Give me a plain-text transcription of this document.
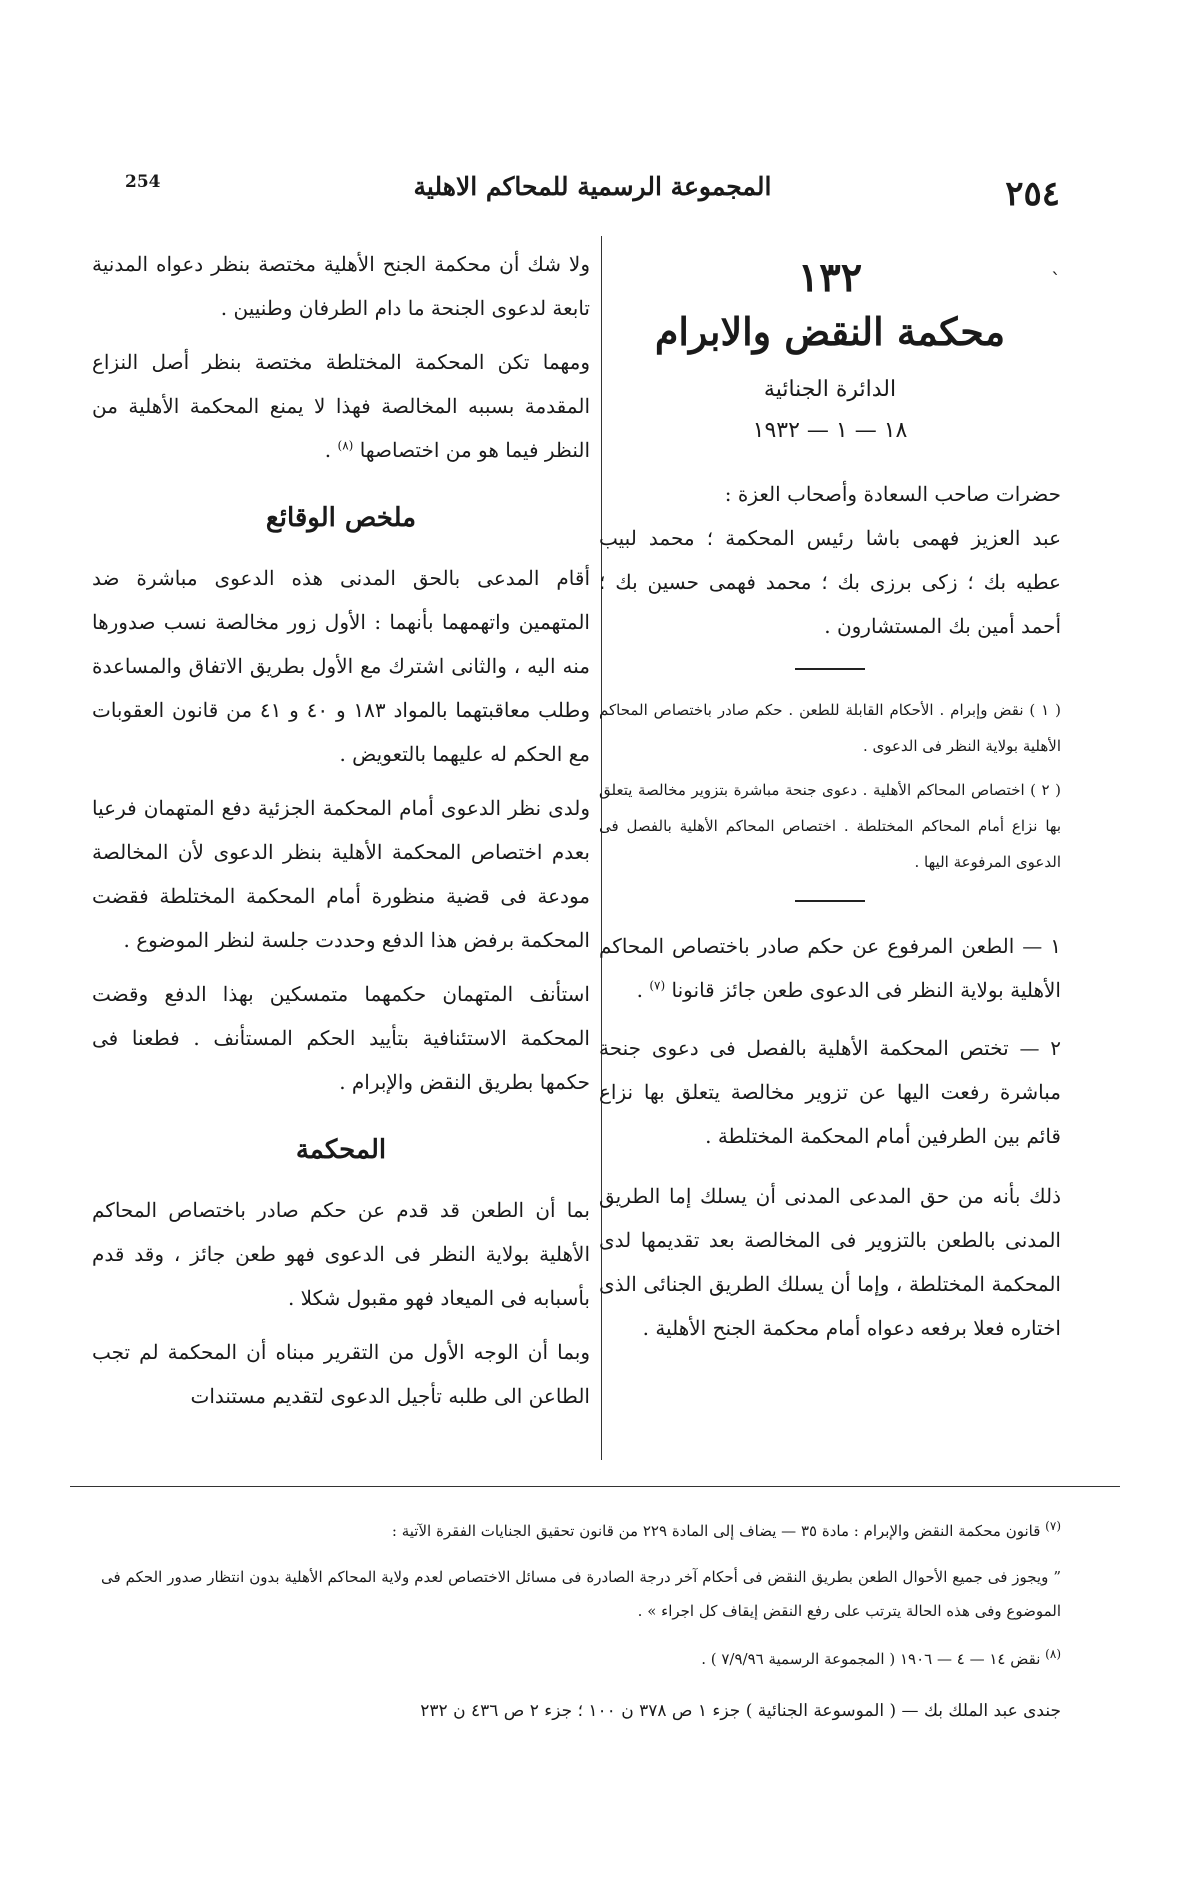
254	المجموعة الرسمية للمحاكم الاهلية	٢٥٤
ˋ
١٣٢
محكمة النقض والابرام
الدائرة الجنائية
١٨ — ١ — ١٩٣٢

حضرات صاحب السعادة وأصحاب العزة :

عبد العزيز فهمى باشا رئيس المحكمة ؛ محمد لبيب عطيه بك ؛ زكى برزى بك ؛ محمد فهمى حسين بك ؛ أحمد أمين بك المستشارون .

( ١ ) نقض وإبرام . الأحكام القابلة للطعن . حكم صادر باختصاص المحاكم الأهلية بولاية النظر فى الدعوى .

( ٢ ) اختصاص المحاكم الأهلية . دعوى جنحة مباشرة بتزوير مخالصة يتعلق بها نزاع أمام المحاكم المختلطة . اختصاص المحاكم الأهلية بالفصل فى الدعوى المرفوعة اليها .

١ — الطعن المرفوع عن حكم صادر باختصاص المحاكم الأهلية بولاية النظر فى الدعوى طعن جائز قانونا $^{(٧)}$ .

٢ — تختص المحكمة الأهلية بالفصل فى دعوى جنحة مباشرة رفعت اليها عن تزوير مخالصة يتعلق بها نزاع قائم بين الطرفين أمام المحكمة المختلطة .

ذلك بأنه من حق المدعى المدنى أن يسلك إما الطريق المدنى بالطعن بالتزوير فى المخالصة بعد تقديمها لدى المحكمة المختلطة ، وإما أن يسلك الطريق الجنائى الذى اختاره فعلا برفعه دعواه أمام محكمة الجنح الأهلية .

ولا شك أن محكمة الجنح الأهلية مختصة بنظر دعواه المدنية تابعة لدعوى الجنحة ما دام الطرفان وطنيين .

ومهما تكن المحكمة المختلطة مختصة بنظر أصل النزاع المقدمة بسببه المخالصة فهذا لا يمنع المحكمة الأهلية من النظر فيما هو من اختصاصها $^{(٨)}$ .

ملخص الوقائع

أقام المدعى بالحق المدنى هذه الدعوى مباشرة ضد المتهمين واتهمهما بأنهما : الأول زور مخالصة نسب صدورها منه اليه ، والثانى اشترك مع الأول بطريق الاتفاق والمساعدة وطلب معاقبتهما بالمواد ١٨٣ و ٤٠ و ٤١ من قانون العقوبات مع الحكم له عليهما بالتعويض .

ولدى نظر الدعوى أمام المحكمة الجزئية دفع المتهمان فرعيا بعدم اختصاص المحكمة الأهلية بنظر الدعوى لأن المخالصة مودعة فى قضية منظورة أمام المحكمة المختلطة فقضت المحكمة برفض هذا الدفع وحددت جلسة لنظر الموضوع .

استأنف المتهمان حكمهما متمسكين بهذا الدفع وقضت المحكمة الاستئنافية بتأييد الحكم المستأنف . فطعنا فى حكمها بطريق النقض والإبرام .

المحكمة

بما أن الطعن قد قدم عن حكم صادر باختصاص المحاكم الأهلية بولاية النظر فى الدعوى فهو طعن جائز ، وقد قدم بأسبابه فى الميعاد فهو مقبول شكلا .

وبما أن الوجه الأول من التقرير مبناه أن المحكمة لم تجب الطاعن الى طلبه تأجيل الدعوى لتقديم مستندات

$^{(٧)}$ قانون محكمة النقض والإبرام : مادة ٣٥ — يضاف إلى المادة ٢٢٩ من قانون تحقيق الجنايات الفقرة الآتية :

” ويجوز فى جميع الأحوال الطعن بطريق النقض فى أحكام آخر درجة الصادرة فى مسائل الاختصاص لعدم ولاية المحاكم الأهلية بدون انتظار صدور الحكم فى الموضوع وفى هذه الحالة يترتب على رفع النقض إيقاف كل اجراء » .

$^{(٨)}$ نقض ١٤ — ٤ — ١٩٠٦ ( المجموعة الرسمية ٧/٩/٩٦ ) .

جندى عبد الملك بك — ( الموسوعة الجنائية ) جزء ١ ص ٣٧٨ ن ١٠٠ ؛ جزء ٢ ص ٤٣٦ ن ٢٣٢
